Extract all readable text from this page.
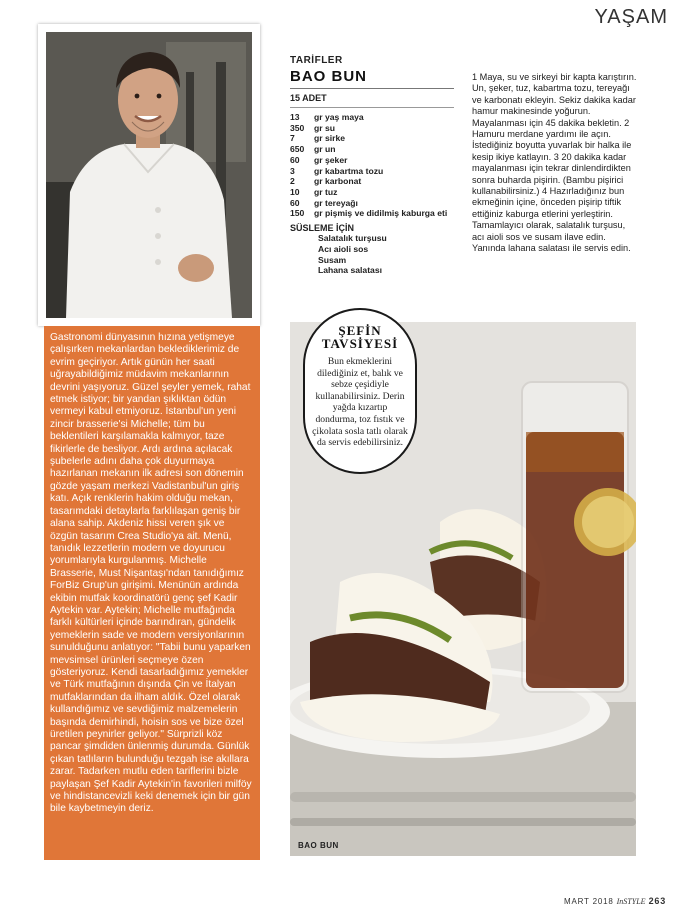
YAŞAM

Gastronomi dünyasının hızına yetişmeye çalışırken mekanlardan beklediklerimiz de evrim geçiriyor. Artık günün her saati uğrayabildiğimiz müdavim mekanlarının devrini yaşıyoruz. Güzel şeyler yemek, rahat etmek istiyor; bir yandan şıklıktan ödün vermeyi kabul etmiyoruz. İstanbul'un yeni zincir brasserie'si Michelle; tüm bu beklentileri karşılamakla kalmıyor, taze fikirlerle de besliyor. Ardı ardına açılacak şubelerle adını daha çok duyurmaya hazırlanan mekanın ilk adresi son dönemin gözde yaşam merkezi Vadistanbul'un giriş katı. Açık renklerin hakim olduğu mekan, tasarımdaki detaylarla farklılaşan geniş bir alana sahip. Akdeniz hissi veren şık ve özgün tasarım Crea Studio'ya ait. Menü, tanıdık lezzetlerin modern ve doyurucu yorumlarıyla kurgulanmış. Michelle Brasserie, Must Nişantaşı'ndan tanıdığımız ForBiz Grup'un girişimi. Menünün ardında ekibin mutfak koordinatörü genç şef Kadir Aytekin var. Aytekin; Michelle mutfağında farklı kültürleri içinde barındıran, gündelik yemeklerin sade ve modern versiyonlarının sunulduğunu anlatıyor: "Tabii bunu yaparken mevsimsel ürünleri seçmeye özen gösteriyoruz. Kendi tasarladığımız yemekler ve Türk mutfağının dışında Çin ve İtalyan mutfaklarından da ilham aldık. Özel olarak kullandığımız ve sevdiğimiz malzemelerin başında demirhindi, hoisin sos ve bize özel üretilen peynirler geliyor." Sürprizli köz pancar şimdiden ünlenmiş durumda. Günlük çıkan tatlıların bulunduğu tezgah ise akıllara zarar. Tadarken mutlu eden tariflerini bizle paylaşan Şef Kadir Aytekin'in favorileri milföy ve hindistancevizli keki denemek için bir gün bile kaybetmeyin deriz.

TARİFLER
BAO BUN
15 ADET
13	gr yaş maya
350	gr su
7	gr sirke
650	gr un
60	gr şeker
3	gr kabartma tozu
2	gr karbonat
10	gr tuz
60	gr tereyağı
150	gr pişmiş ve didilmiş kaburga eti
SÜSLEME İÇİN
Salatalık turşusu
Acı aioli sos
Susam
Lahana salatası

1 Maya, su ve sirkeyi bir kapta karıştırın. Un, şeker, tuz, kabartma tozu, tereyağı ve karbonatı ekleyin. Sekiz dakika kadar hamur makinesinde yoğurun. Mayalanması için 45 dakika bekletin. 2 Hamuru merdane yardımı ile açın. İstediğiniz boyutta yuvarlak bir halka ile kesip ikiye katlayın. 3 20 dakika kadar mayalanması için tekrar dinlendirdikten sonra buharda pişirin. (Bambu pişirici kullanabilirsiniz.) 4 Hazırladığınız bun ekmeğinin içine, önceden pişirip tiftik ettiğiniz kaburga etlerini yerleştirin. Tamamlayıcı olarak, salatalık turşusu, acı aioli sos ve susam ilave edin. Yanında lahana salatası ile servis edin.

BAO BUN
ŞEFİN
TAVSİYESİ
Bun ekmeklerini dilediğiniz et, balık ve sebze çeşidiyle kullanabilirsiniz. Derin yağda kızartıp dondurma, toz fıstık ve çikolata sosla tatlı olarak da servis edebilirsiniz.
MART 2018 InSTYLE 263
